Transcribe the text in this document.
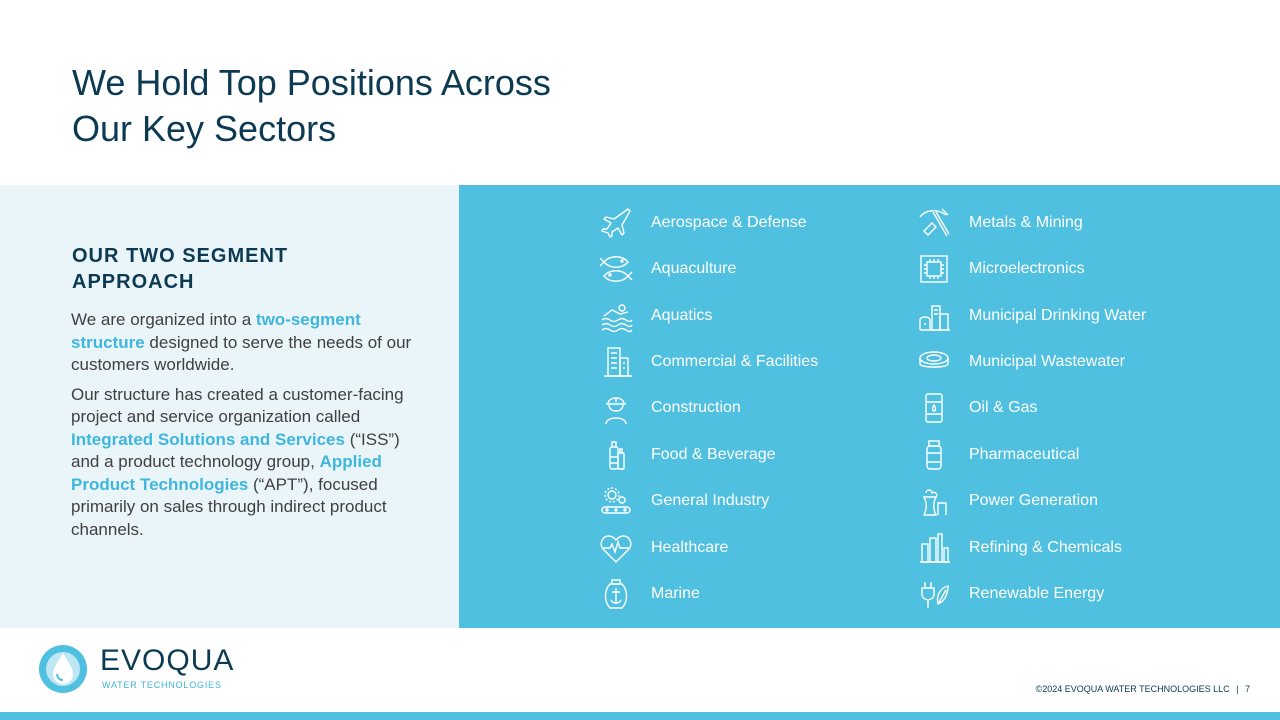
We Hold Top Positions Across
Our Key Sectors
OUR TWO SEGMENT APPROACH

We are organized into a two-segment structure designed to serve the needs of our customers worldwide.

Our structure has created a customer-facing project and service organization called Integrated Solutions and Services (“ISS”) and a product technology group, Applied Product Technologies (“APT”), focused primarily on sales through indirect product channels.

Aerospace & Defense
Aquaculture
Aquatics
Commercial & Facilities
Construction
Food & Beverage
General Industry
Healthcare
Marine
Metals & Mining
Microelectronics
Municipal Drinking Water
Municipal Wastewater
Oil & Gas
Pharmaceutical
Power Generation
Refining & Chemicals
Renewable Energy
EVOQUA
WATER TECHNOLOGIES	©2024 EVOQUA WATER TECHNOLOGIES LLC | 7
